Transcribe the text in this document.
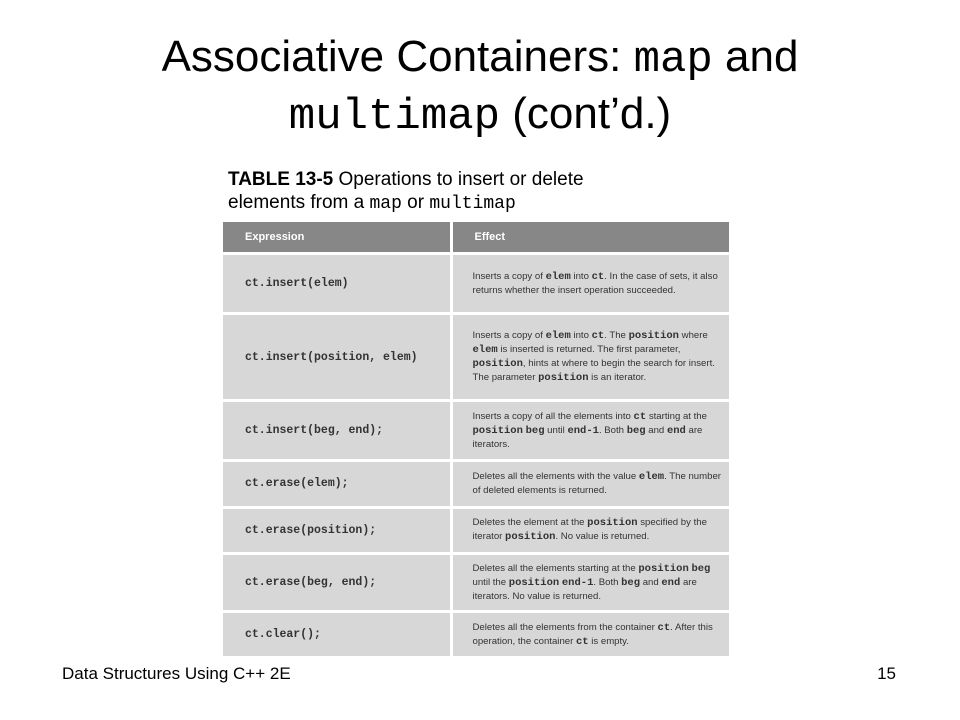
Associative Containers: map and
multimap (cont’d.)
TABLE 13-5 Operations to insert or delete
elements from a map or multimap
Expression	Effect
ct.insert(elem)	Inserts a copy of elem into ct. In the case of sets, it also returns whether the insert operation succeeded.
ct.insert(position, elem)	Inserts a copy of elem into ct. The position where elem is inserted is returned. The first parameter, position, hints at where to begin the search for insert. The parameter position is an iterator.
ct.insert(beg, end);	Inserts a copy of all the elements into ct starting at the position beg until end-1. Both beg and end are iterators.
ct.erase(elem);	Deletes all the elements with the value elem. The number of deleted elements is returned.
ct.erase(position);	Deletes the element at the position specified by the iterator position. No value is returned.
ct.erase(beg, end);	Deletes all the elements starting at the position beg until the position end-1. Both beg and end are iterators. No value is returned.
ct.clear();	Deletes all the elements from the container ct. After this operation, the container ct is empty.
Data Structures Using C++ 2E	15
